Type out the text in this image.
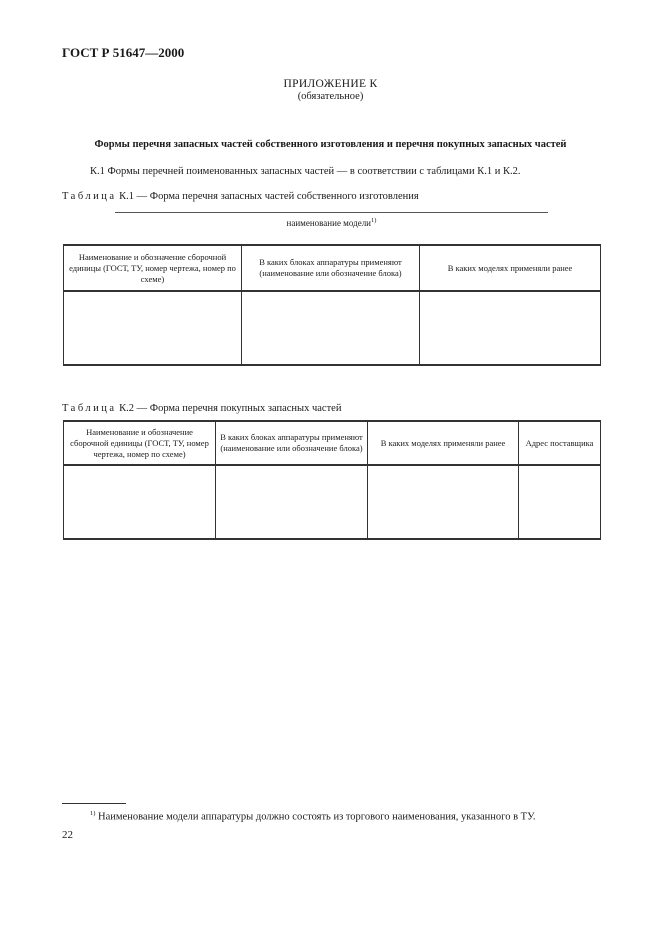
ГОСТ Р 51647—2000
ПРИЛОЖЕНИЕ К
(обязательное)
Формы перечня запасных частей собственного изготовления и перечня покупных запасных частей
К.1 Формы перечней поименованных запасных частей — в соответствии с таблицами К.1 и К.2.
Таблица К.1 — Форма перечня запасных частей собственного изготовления
наименование модели$^{1)}$
Наименование и обозначение сборочной единицы (ГОСТ, ТУ, номер чертежа, номер по схеме)	В каких блоках аппаратуры применяют (наименование или обозначение блока)	В каких моделях применяли ранее

Таблица К.2 — Форма перечня покупных запасных частей
Наименование и обозначение сборочной единицы (ГОСТ, ТУ, номер чертежа, номер по схеме)	В каких блоках аппаратуры применяют (наименование или обозначение блока)	В каких моделях применяли ранее	Адрес поставщика

$^{1)}$ Наименование модели аппаратуры должно состоять из торгового наименования, указанного в ТУ.
22
